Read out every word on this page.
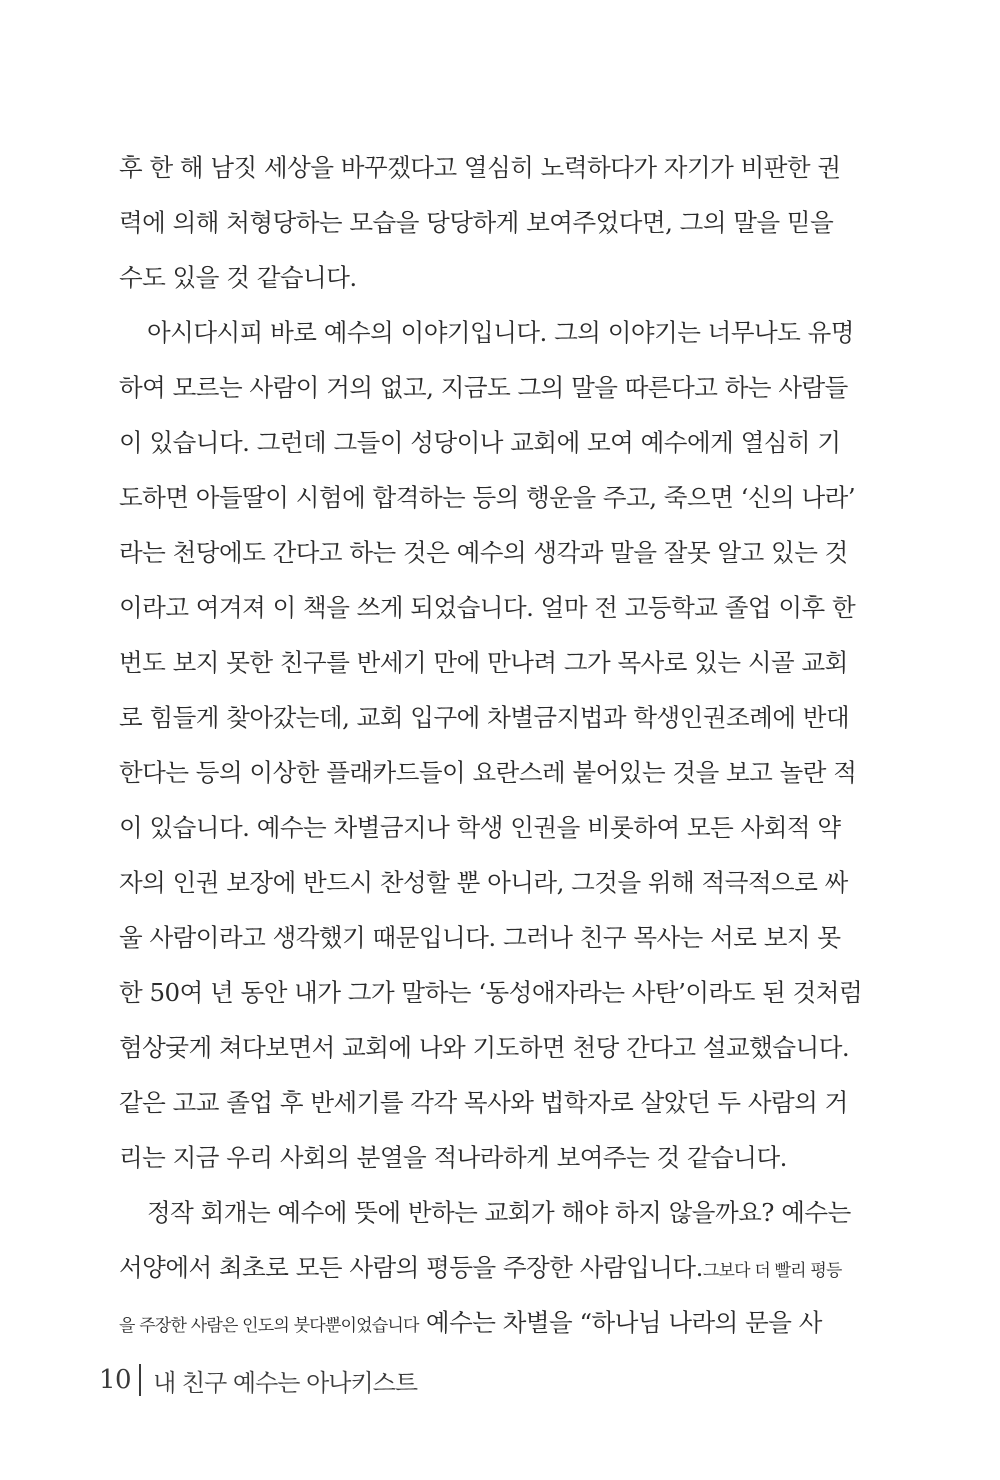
후 한 해 남짓 세상을 바꾸겠다고 열심히 노력하다가 자기가 비판한 권
력에 의해 처형당하는 모습을 당당하게 보여주었다면, 그의 말을 믿을
수도 있을 것 같습니다.
아시다시피 바로 예수의 이야기입니다. 그의 이야기는 너무나도 유명
하여 모르는 사람이 거의 없고, 지금도 그의 말을 따른다고 하는 사람들
이 있습니다. 그런데 그들이 성당이나 교회에 모여 예수에게 열심히 기
도하면 아들딸이 시험에 합격하는 등의 행운을 주고, 죽으면 ‘신의 나라’
라는 천당에도 간다고 하는 것은 예수의 생각과 말을 잘못 알고 있는 것
이라고 여겨져 이 책을 쓰게 되었습니다. 얼마 전 고등학교 졸업 이후 한
번도 보지 못한 친구를 반세기 만에 만나려 그가 목사로 있는 시골 교회
로 힘들게 찾아갔는데, 교회 입구에 차별금지법과 학생인권조례에 반대
한다는 등의 이상한 플래카드들이 요란스레 붙어있는 것을 보고 놀란 적
이 있습니다. 예수는 차별금지나 학생 인권을 비롯하여 모든 사회적 약
자의 인권 보장에 반드시 찬성할 뿐 아니라, 그것을 위해 적극적으로 싸
울 사람이라고 생각했기 때문입니다. 그러나 친구 목사는 서로 보지 못
한 50여 년 동안 내가 그가 말하는 ‘동성애자라는 사탄’이라도 된 것처럼
험상궂게 쳐다보면서 교회에 나와 기도하면 천당 간다고 설교했습니다.
같은 고교 졸업 후 반세기를 각각 목사와 법학자로 살았던 두 사람의 거
리는 지금 우리 사회의 분열을 적나라하게 보여주는 것 같습니다.
정작 회개는 예수에 뜻에 반하는 교회가 해야 하지 않을까요? 예수는
서양에서 최초로 모든 사람의 평등을 주장한 사람입니다.그보다 더 빨리 평등
을 주장한 사람은 인도의 붓다뿐이었습니다 예수는 차별을 “하나님 나라의 문을 사
10 내 친구 예수는 아나키스트
